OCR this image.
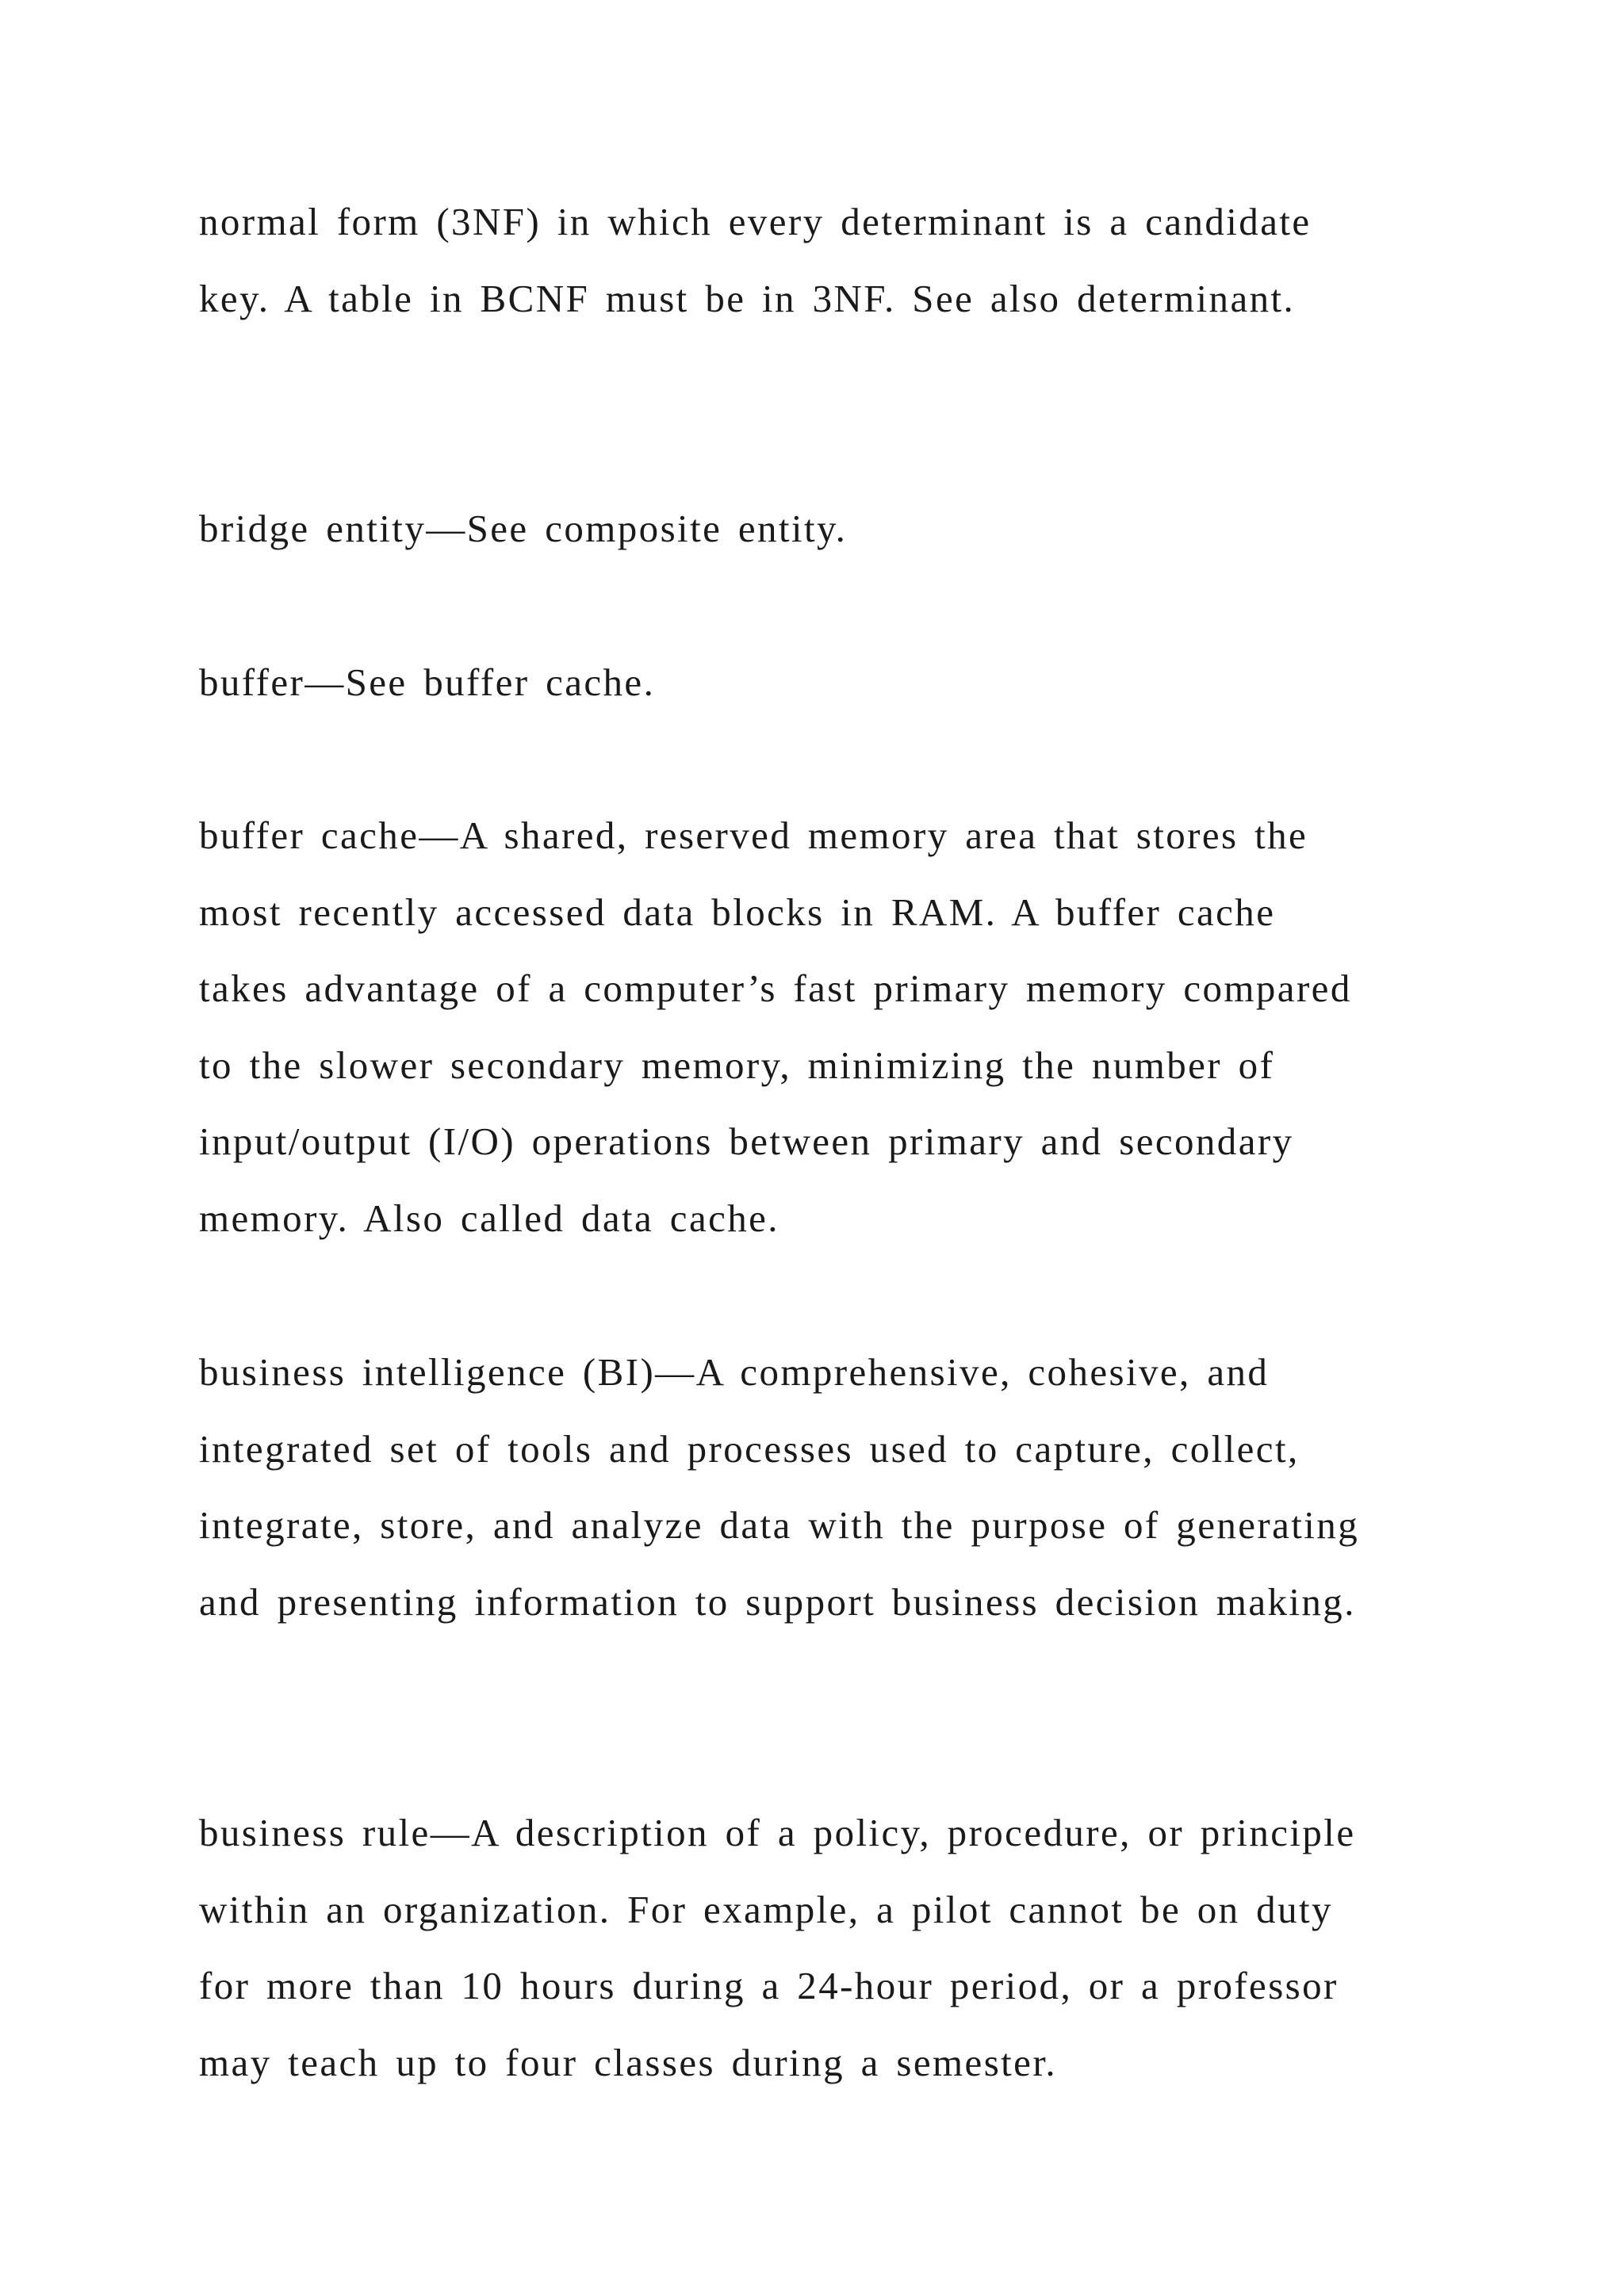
normal form (3NF) in which every determinant is a candidate
key. A table in BCNF must be in 3NF. See also determinant.

bridge entity—See composite entity.

buffer—See buffer cache.

buffer cache—A shared, reserved memory area that stores the
most recently accessed data blocks in RAM. A buffer cache
takes advantage of a computer’s fast primary memory compared
to the slower secondary memory, minimizing the number of
input/output (I/O) operations between primary and secondary
memory. Also called data cache.

business intelligence (BI)—A comprehensive, cohesive, and
integrated set of tools and processes used to capture, collect,
integrate, store, and analyze data with the purpose of generating
and presenting information to support business decision making.

business rule—A description of a policy, procedure, or principle
within an organization. For example, a pilot cannot be on duty
for more than 10 hours during a 24-hour period, or a professor
may teach up to four classes during a semester.
